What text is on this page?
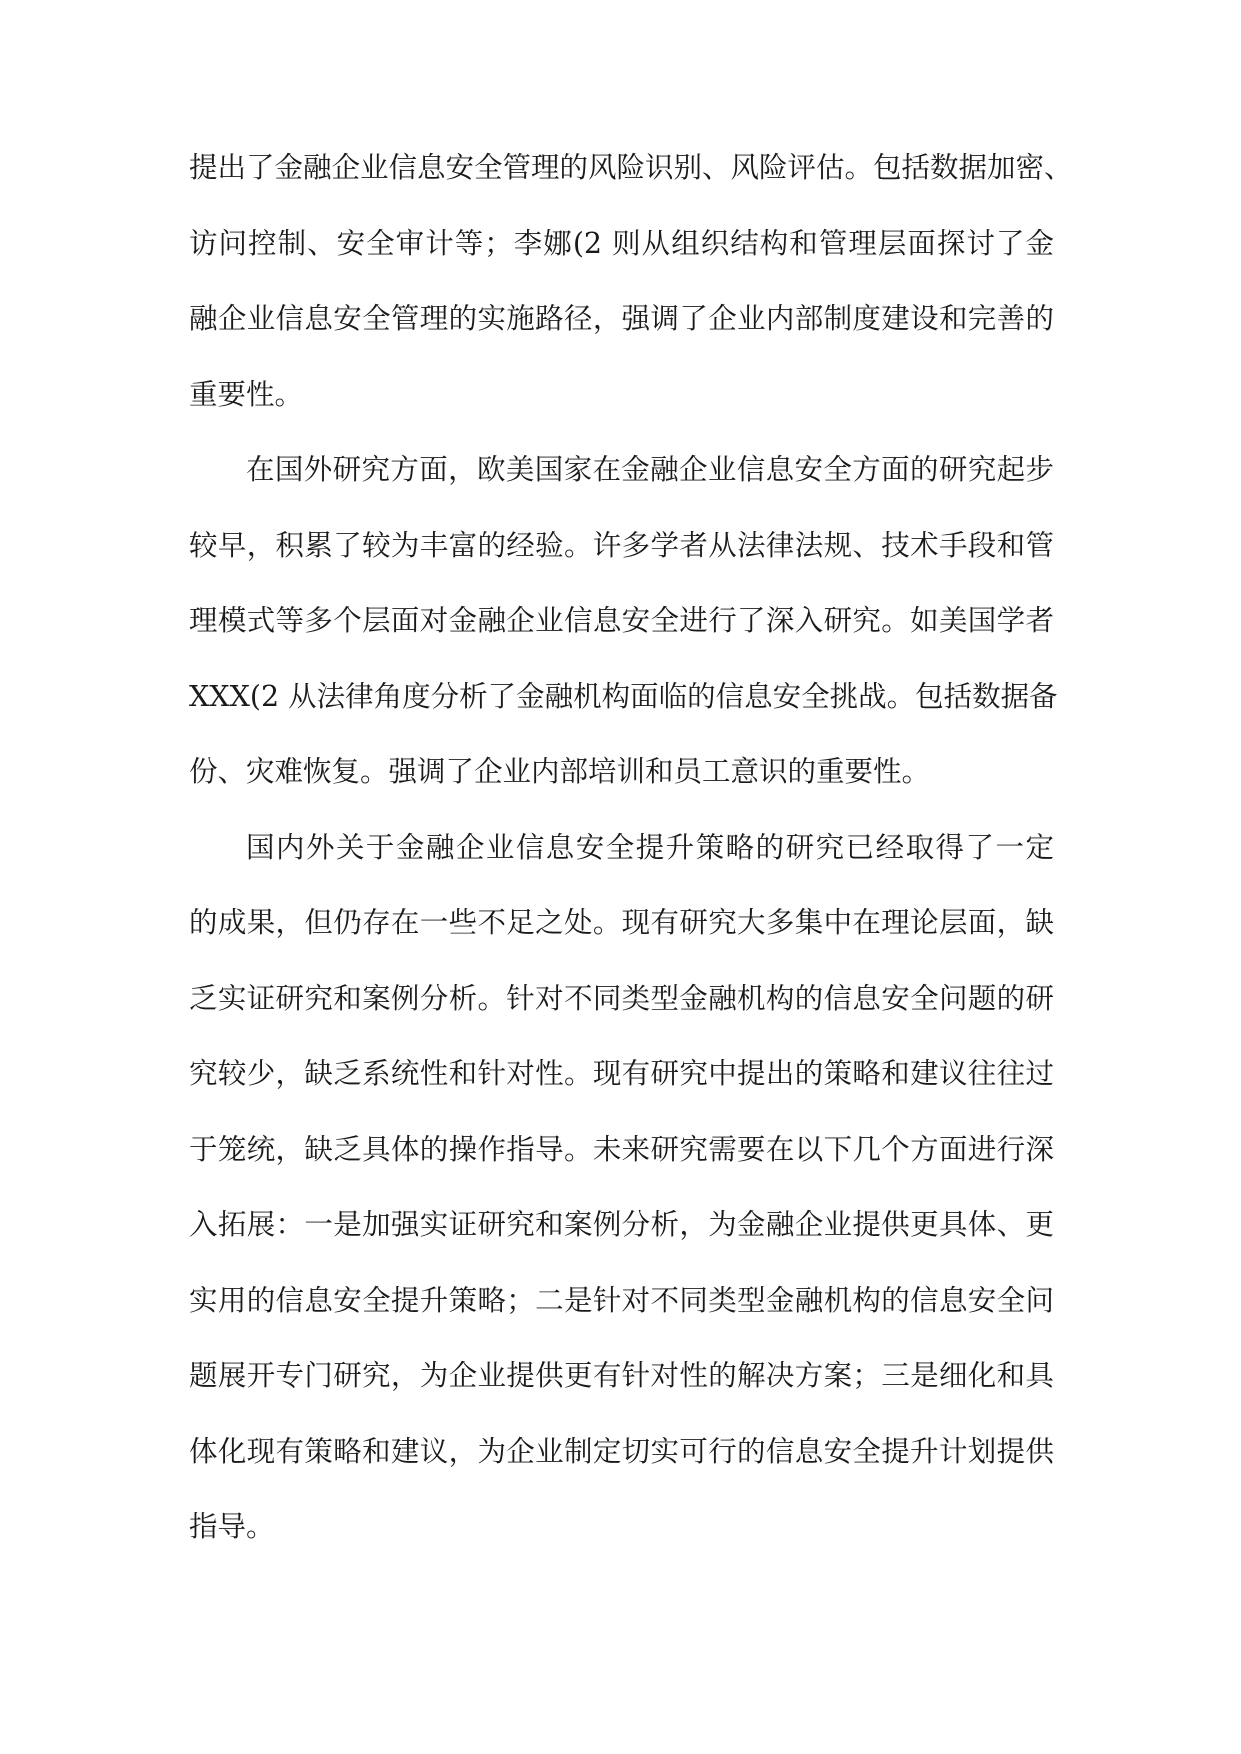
提出了金融企业信息安全管理的风险识别、风险评估。包括数据加密、
访问控制、安全审计等；李娜(2 则从组织结构和管理层面探讨了金
融企业信息安全管理的实施路径，强调了企业内部制度建设和完善的
重要性。
在国外研究方面，欧美国家在金融企业信息安全方面的研究起步
较早，积累了较为丰富的经验。许多学者从法律法规、技术手段和管
理模式等多个层面对金融企业信息安全进行了深入研究。如美国学者
XXX(2 从法律角度分析了金融机构面临的信息安全挑战。包括数据备
份、灾难恢复。强调了企业内部培训和员工意识的重要性。
国内外关于金融企业信息安全提升策略的研究已经取得了一定
的成果，但仍存在一些不足之处。现有研究大多集中在理论层面，缺
乏实证研究和案例分析。针对不同类型金融机构的信息安全问题的研
究较少，缺乏系统性和针对性。现有研究中提出的策略和建议往往过
于笼统，缺乏具体的操作指导。未来研究需要在以下几个方面进行深
入拓展：一是加强实证研究和案例分析，为金融企业提供更具体、更
实用的信息安全提升策略；二是针对不同类型金融机构的信息安全问
题展开专门研究，为企业提供更有针对性的解决方案；三是细化和具
体化现有策略和建议，为企业制定切实可行的信息安全提升计划提供
指导。
